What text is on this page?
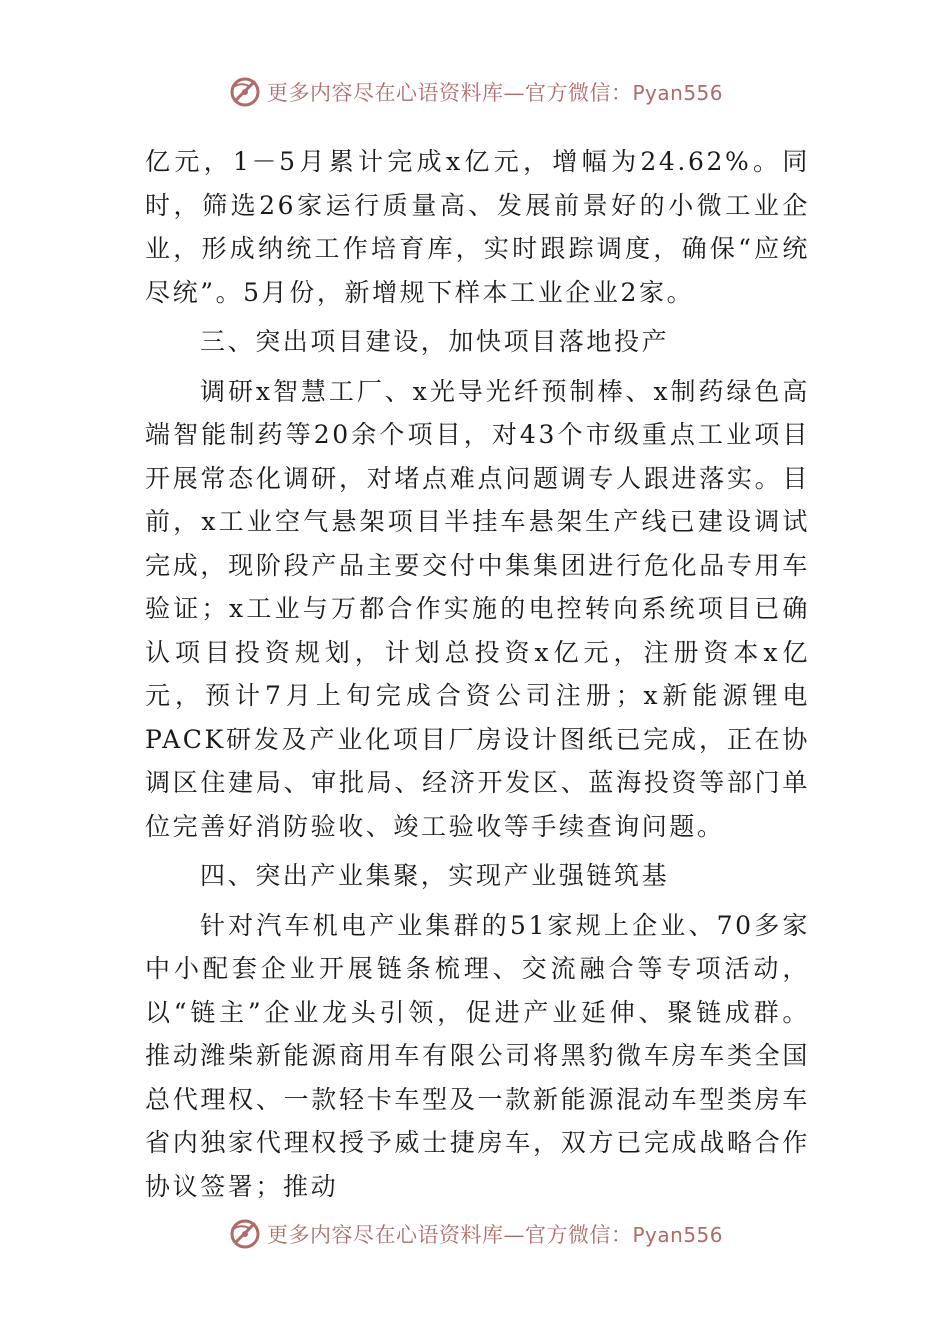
更多内容尽在心语资料库—官方微信：Pyan556

亿元，1－5月累计完成x亿元，增幅为24.62%。同时，筛选26家运行质量高、发展前景好的小微工业企业，形成纳统工作培育库，实时跟踪调度，确保“应统尽统”。5月份，新增规下样本工业企业2家。

三、突出项目建设，加快项目落地投产

调研x智慧工厂、x光导光纤预制棒、x制药绿色高端智能制药等20余个项目，对43个市级重点工业项目开展常态化调研，对堵点难点问题调专人跟进落实。目前，x工业空气悬架项目半挂车悬架生产线已建设调试完成，现阶段产品主要交付中集集团进行危化品专用车验证；x工业与万都合作实施的电控转向系统项目已确认项目投资规划，计划总投资x亿元，注册资本x亿元，预计7月上旬完成合资公司注册；x新能源锂电PACK研发及产业化项目厂房设计图纸已完成，正在协调区住建局、审批局、经济开发区、蓝海投资等部门单位完善好消防验收、竣工验收等手续查询问题。

四、突出产业集聚，实现产业强链筑基

针对汽车机电产业集群的51家规上企业、70多家中小配套企业开展链条梳理、交流融合等专项活动，以“链主”企业龙头引领，促进产业延伸、聚链成群。推动潍柴新能源商用车有限公司将黑豹微车房车类全国总代理权、一款轻卡车型及一款新能源混动车型类房车省内独家代理权授予威士捷房车，双方已完成战略合作协议签署；推动

更多内容尽在心语资料库—官方微信：Pyan556
